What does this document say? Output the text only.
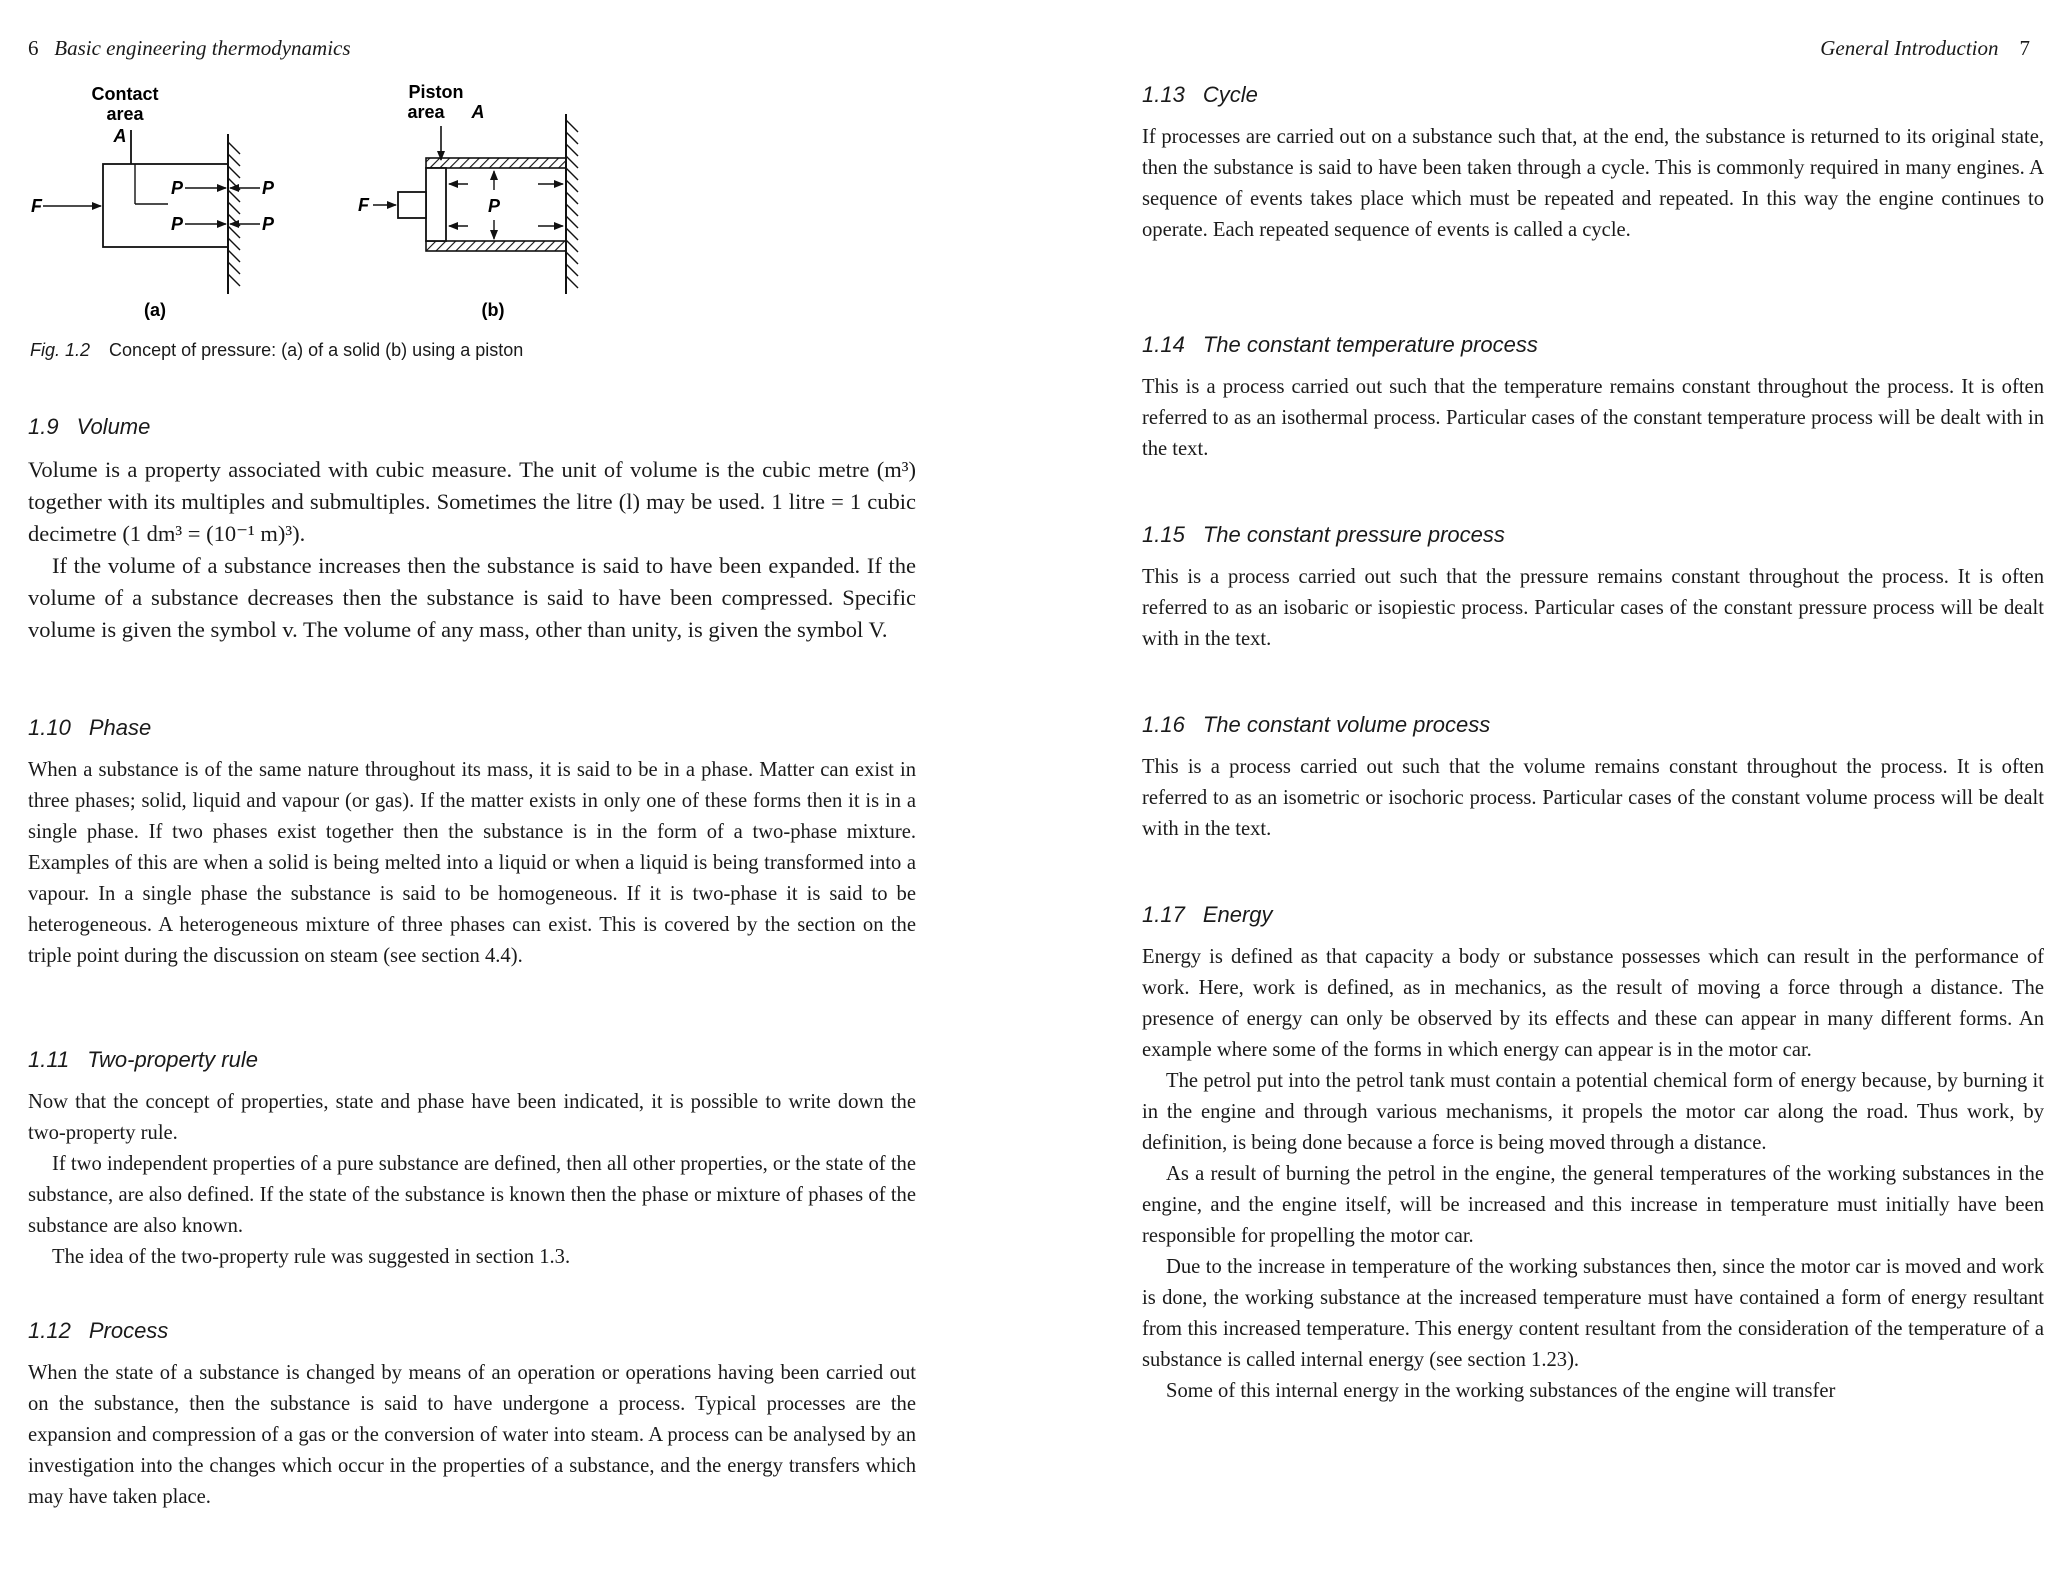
6 Basic engineering thermodynamics
Contact
area
A
F
P	P
P	P
(a)
Piston
area A
F	P
(b)
Fig. 1.2 Concept of pressure: (a) of a solid (b) using a piston
1.9 Volume

Volume is a property associated with cubic measure. The unit of volume is the cubic metre (m³) together with its multiples and submultiples. Sometimes the litre (l) may be used. 1 litre = 1 cubic decimetre (1 dm³ = (10⁻¹ m)³).

If the volume of a substance increases then the substance is said to have been expanded. If the volume of a substance decreases then the substance is said to have been compressed. Specific volume is given the symbol v. The volume of any mass, other than unity, is given the symbol V.

1.10 Phase

When a substance is of the same nature throughout its mass, it is said to be in a phase. Matter can exist in three phases; solid, liquid and vapour (or gas). If the matter exists in only one of these forms then it is in a single phase. If two phases exist together then the substance is in the form of a two-phase mixture. Examples of this are when a solid is being melted into a liquid or when a liquid is being transformed into a vapour. In a single phase the substance is said to be homogeneous. If it is two-phase it is said to be heterogeneous. A heterogeneous mixture of three phases can exist. This is covered by the section on the triple point during the discussion on steam (see section 4.4).

1.11 Two-property rule

Now that the concept of properties, state and phase have been indicated, it is possible to write down the two-property rule.

If two independent properties of a pure substance are defined, then all other properties, or the state of the substance, are also defined. If the state of the substance is known then the phase or mixture of phases of the substance are also known.

The idea of the two-property rule was suggested in section 1.3.

1.12 Process

When the state of a substance is changed by means of an operation or operations having been carried out on the substance, then the substance is said to have undergone a process. Typical processes are the expansion and compression of a gas or the conversion of water into steam. A process can be analysed by an investigation into the changes which occur in the properties of a substance, and the energy transfers which may have taken place.

General Introduction 7
1.13 Cycle

If processes are carried out on a substance such that, at the end, the substance is returned to its original state, then the substance is said to have been taken through a cycle. This is commonly required in many engines. A sequence of events takes place which must be repeated and repeated. In this way the engine continues to operate. Each repeated sequence of events is called a cycle.

1.14 The constant temperature process

This is a process carried out such that the temperature remains constant throughout the process. It is often referred to as an isothermal process. Particular cases of the constant temperature process will be dealt with in the text.

1.15 The constant pressure process

This is a process carried out such that the pressure remains constant throughout the process. It is often referred to as an isobaric or isopiestic process. Particular cases of the constant pressure process will be dealt with in the text.

1.16 The constant volume process

This is a process carried out such that the volume remains constant throughout the process. It is often referred to as an isometric or isochoric process. Particular cases of the constant volume process will be dealt with in the text.

1.17 Energy

Energy is defined as that capacity a body or substance possesses which can result in the performance of work. Here, work is defined, as in mechanics, as the result of moving a force through a distance. The presence of energy can only be observed by its effects and these can appear in many different forms. An example where some of the forms in which energy can appear is in the motor car.

The petrol put into the petrol tank must contain a potential chemical form of energy because, by burning it in the engine and through various mechanisms, it propels the motor car along the road. Thus work, by definition, is being done because a force is being moved through a distance.

As a result of burning the petrol in the engine, the general temperatures of the working substances in the engine, and the engine itself, will be increased and this increase in temperature must initially have been responsible for propelling the motor car.

Due to the increase in temperature of the working substances then, since the motor car is moved and work is done, the working substance at the increased temperature must have contained a form of energy resultant from this increased temperature. This energy content resultant from the consideration of the temperature of a substance is called internal energy (see section 1.23).

Some of this internal energy in the working substances of the engine will transfer
